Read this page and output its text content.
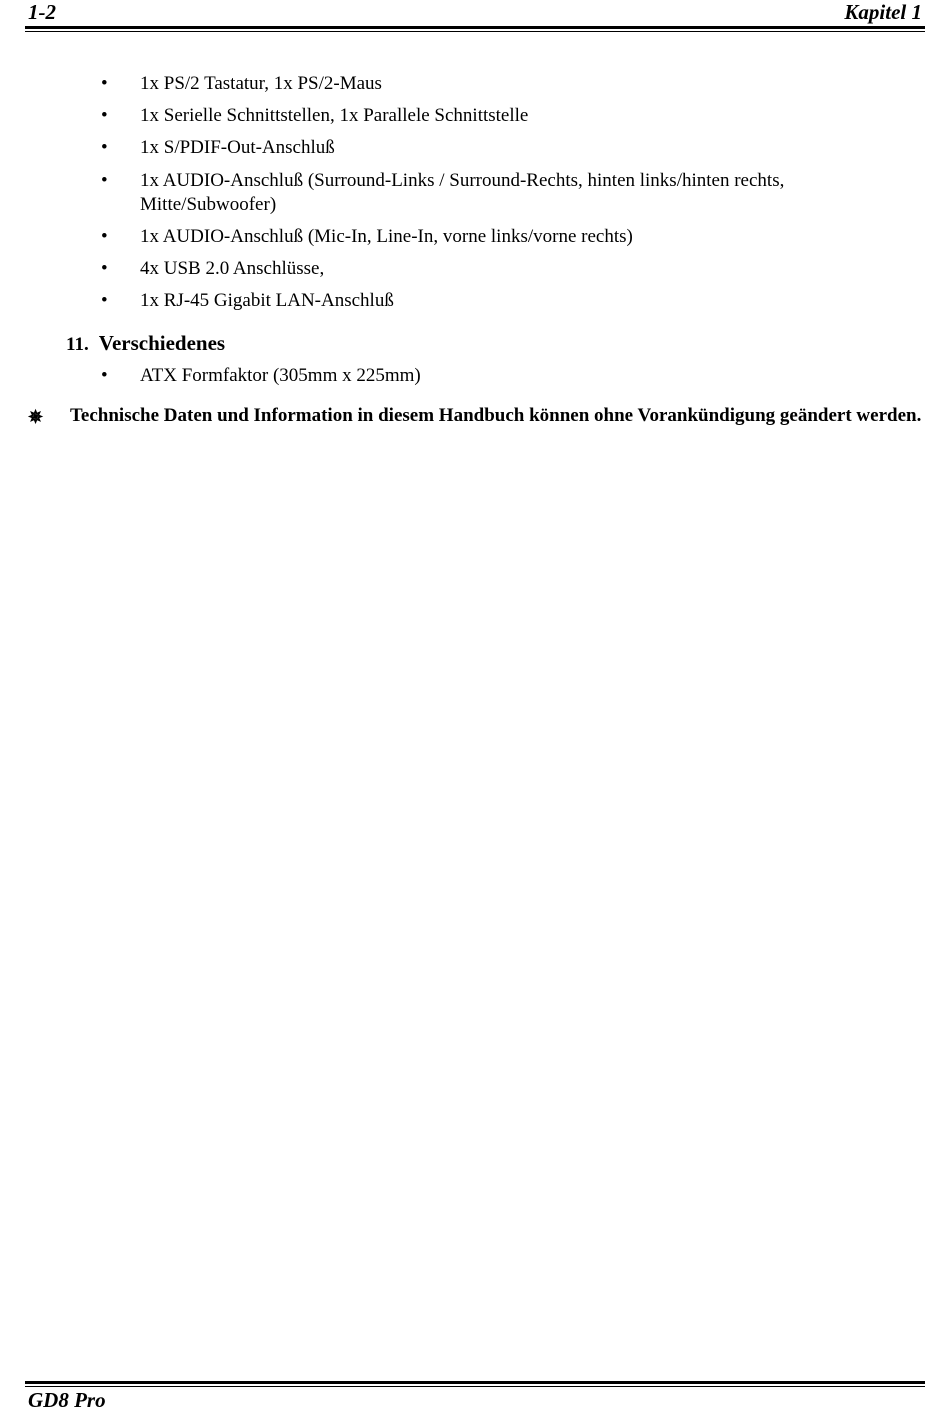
1-2	Kapitel 1
• 1x PS/2 Tastatur, 1x PS/2-Maus
• 1x Serielle Schnittstellen, 1x Parallele Schnittstelle
• 1x S/PDIF-Out-Anschluß
• 1x AUDIO-Anschluß (Surround-Links / Surround-Rechts, hinten links/hinten rechts, Mitte/Subwoofer)
• 1x AUDIO-Anschluß (Mic-In, Line-In, vorne links/vorne rechts)
• 4x USB 2.0 Anschlüsse,
• 1x RJ-45 Gigabit LAN-Anschluß
11. Verschiedenes
• ATX Formfaktor (305mm x 225mm)
✵ Technische Daten und Information in diesem Handbuch können ohne Vorankündigung geändert werden.
GD8 Pro
